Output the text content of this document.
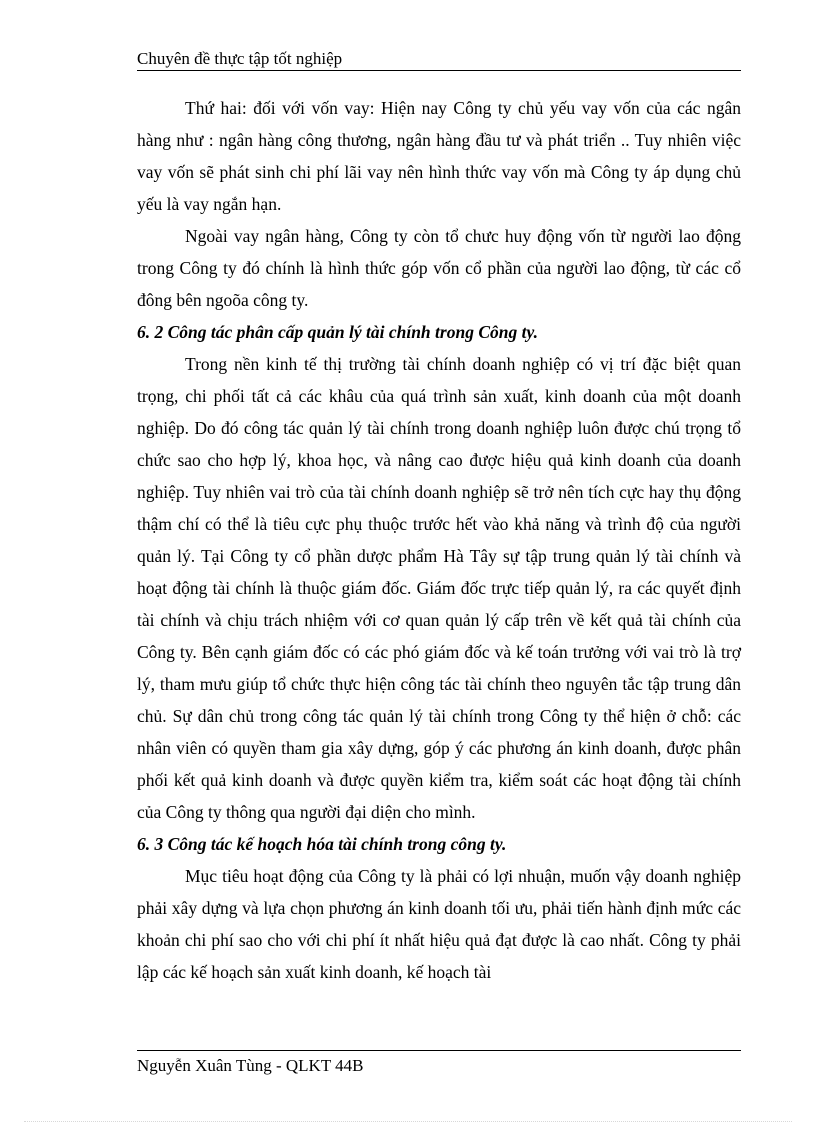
Chuyên đề thực tập tốt nghiệp

Thứ hai: đối với vốn vay: Hiện nay Công ty chủ yếu vay vốn của các ngân hàng như : ngân hàng công thương, ngân hàng đầu tư và phát triển .. Tuy nhiên việc vay vốn sẽ phát sinh chi phí lãi vay nên hình thức vay vốn mà Công ty áp dụng chủ yếu là vay ngắn hạn.

Ngoài vay ngân hàng, Công ty còn tổ chưc huy động vốn từ người lao động trong Công ty đó chính là hình thức góp vốn cổ phần của người lao động, từ các cổ đông bên ngoõa công ty.

6. 2 Công tác phân cấp quản lý tài chính trong Công ty.

Trong nền kinh tế thị trường tài chính doanh nghiệp có vị trí đặc biệt quan trọng, chi phối tất cả các khâu của quá trình sản xuất, kinh doanh của một doanh nghiệp. Do đó công tác quản lý tài chính trong doanh nghiệp luôn được chú trọng tổ chức sao cho hợp lý, khoa học, và nâng cao được hiệu quả kinh doanh của doanh nghiệp. Tuy nhiên vai trò của tài chính doanh nghiệp sẽ trở nên tích cực hay thụ động thậm chí có thể là tiêu cực phụ thuộc trước hết vào khả năng và trình độ của người quản lý. Tại Công ty cổ phần dược phẩm Hà Tây sự tập trung quản lý tài chính và hoạt động tài chính là thuộc giám đốc. Giám đốc trực tiếp quản lý, ra các quyết định tài chính và chịu trách nhiệm với cơ quan quản lý cấp trên về kết quả tài chính của Công ty. Bên cạnh giám đốc có các phó giám đốc và kế toán trưởng với vai trò là trợ lý, tham mưu giúp tổ chức thực hiện công tác tài chính theo nguyên tắc tập trung dân chủ. Sự dân chủ trong công tác quản lý tài chính trong Công ty thể hiện ở chỗ: các nhân viên có quyền tham gia xây dựng, góp ý các phương án kinh doanh, được phân phối kết quả kinh doanh và được quyền kiểm tra, kiểm soát các hoạt động tài chính của Công ty thông qua người đại diện cho mình.

6. 3 Công tác kế hoạch hóa tài chính trong công ty.

Mục tiêu hoạt động của Công ty là phải có lợi nhuận, muốn vậy doanh nghiệp phải xây dựng và lựa chọn phương án kinh doanh tối ưu, phải tiến hành định mức các khoản chi phí sao cho với chi phí ít nhất hiệu quả đạt được là cao nhất. Công ty phải lập các kế hoạch sản xuất kinh doanh, kế hoạch tài

Nguyễn Xuân Tùng - QLKT 44B
